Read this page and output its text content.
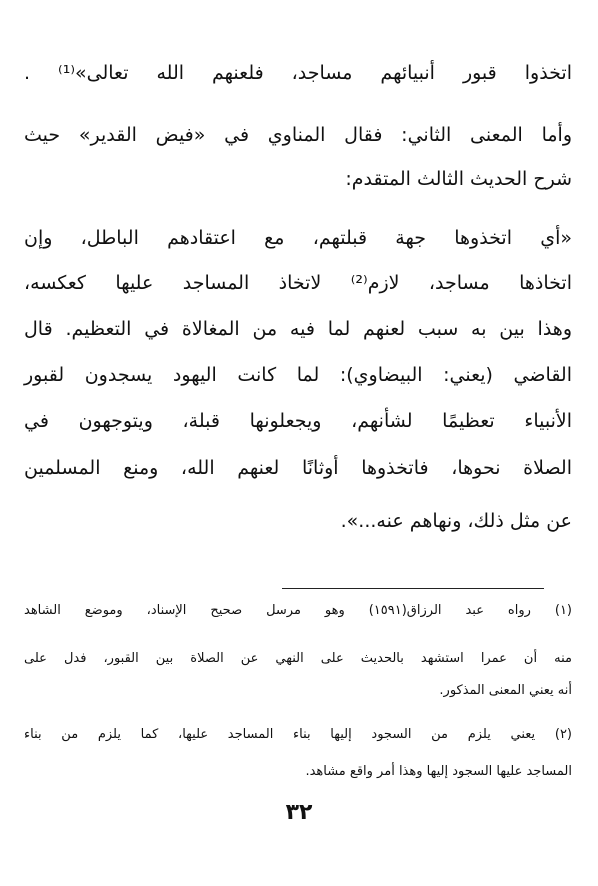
اتخذوا قبور أنبيائهم مساجد، فلعنهم الله تعالى»⁽¹⁾ .
وأما المعنى الثاني: فقال المناوي في «فيض القدير» حيث
شرح الحديث الثالث المتقدم:
«أي اتخذوها جهة قبلتهم، مع اعتقادهم الباطل، وإن
اتخاذها مساجد، لازم⁽²⁾ لاتخاذ المساجد عليها كعكسه،
وهذا بين به سبب لعنهم لما فيه من المغالاة في التعظيم. قال
القاضي (يعني: البيضاوي): لما كانت اليهود يسجدون لقبور
الأنبياء تعظيمًا لشأنهم، ويجعلونها قبلة، ويتوجهون في
الصلاة نحوها، فاتخذوها أوثانًا لعنهم الله، ومنع المسلمين
عن مثل ذلك، ونهاهم عنه...».
(١) رواه عبد الرزاق(١٥٩١) وهو مرسل صحيح الإسناد، وموضع الشاهد
منه أن عمرا استشهد بالحديث على النهي عن الصلاة بين القبور، فدل على
أنه يعني المعنى المذكور.
(٢) يعني يلزم من السجود إليها بناء المساجد عليها، كما يلزم من بناء
المساجد عليها السجود إليها وهذا أمر واقع مشاهد.
٣٢
